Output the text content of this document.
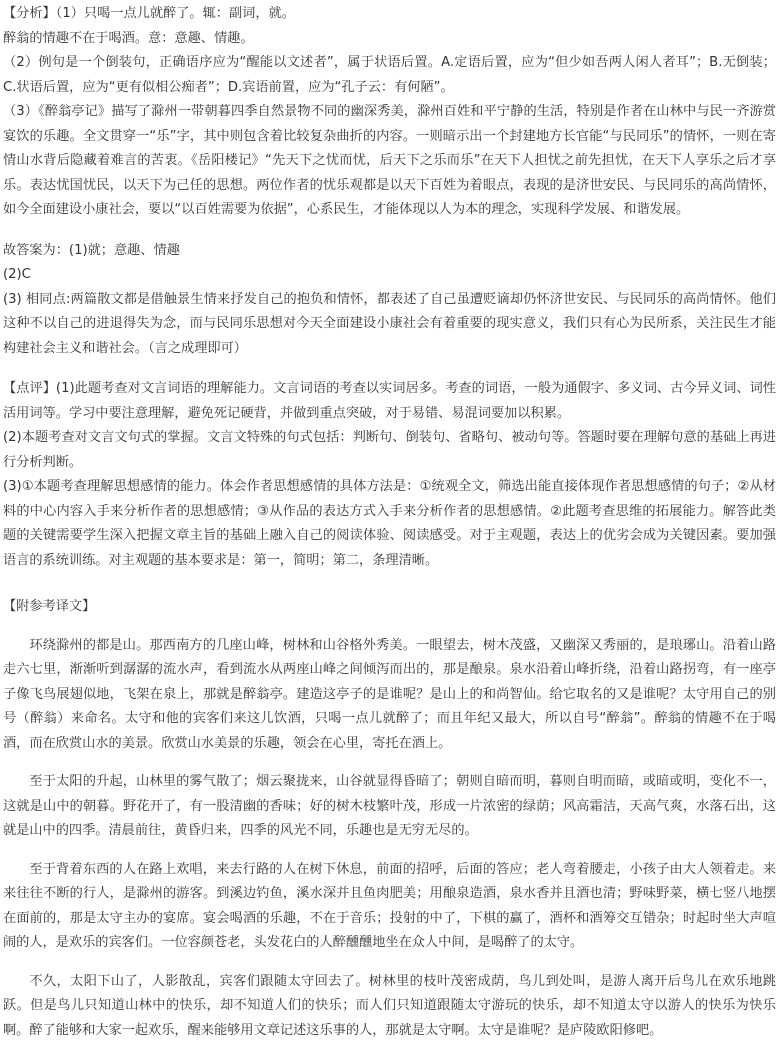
【分析】（1）只喝一点儿就醉了。辄：副词，就。

醉翁的情趣不在于喝酒。意：意趣、情趣。

（2）例句是一个倒装句，正确语序应为“醒能以文述者”，属于状语后置。A.定语后置，应为“但少如吾两人闲人者耳”；B.无倒装；C.状语后置，应为“更有似相公痴者”；D.宾语前置，应为“孔子云：有何陋”。

（3）《醉翁亭记》描写了滁州一带朝暮四季自然景物不同的幽深秀美，滁州百姓和平宁静的生活，特别是作者在山林中与民一齐游赏宴饮的乐趣。全文贯穿一“乐”字，其中则包含着比较复杂曲折的内容。一则暗示出一个封建地方长官能“与民同乐”的情怀，一则在寄情山水背后隐藏着难言的苦衷。《岳阳楼记》“先天下之忧而忧，后天下之乐而乐”在天下人担忧之前先担忧，在天下人享乐之后才享乐。表达忧国忧民，以天下为己任的思想。两位作者的忧乐观都是以天下百姓为着眼点，表现的是济世安民、与民同乐的高尚情怀，如今全面建设小康社会，要以“以百姓需要为依据”，心系民生，才能体现以人为本的理念，实现科学发展、和谐发展。

故答案为：(1)就；意趣、情趣

(2)C

(3) 相同点:两篇散文都是借触景生情来抒发自己的抱负和情怀，都表述了自己虽遭贬谪却仍怀济世安民、与民同乐的高尚情怀。他们这种不以自己的进退得失为念，而与民同乐思想对今天全面建设小康社会有着重要的现实意义，我们只有心为民所系，关注民生才能构建社会主义和谐社会。（言之成理即可）

【点评】(1)此题考查对文言词语的理解能力。文言词语的考查以实词居多。考查的词语，一般为通假字、多义词、古今异义词、词性活用词等。学习中要注意理解，避免死记硬背，并做到重点突破，对于易错、易混词要加以积累。

(2)本题考查对文言文句式的掌握。文言文特殊的句式包括：判断句、倒装句、省略句、被动句等。答题时要在理解句意的基础上再进行分析判断。

(3)①本题考查理解思想感情的能力。体会作者思想感情的具体方法是：①统观全文，筛选出能直接体现作者思想感情的句子；②从材料的中心内容入手来分析作者的思想感情；③从作品的表达方式入手来分析作者的思想感情。②此题考查思维的拓展能力。解答此类题的关键需要学生深入把握文章主旨的基础上融入自己的阅读体验、阅读感受。对于主观题，表达上的优劣会成为关键因素。要加强语言的系统训练。对主观题的基本要求是：第一，简明；第二，条理清晰。

【附参考译文】

环绕滁州的都是山。那西南方的几座山峰，树林和山谷格外秀美。一眼望去，树木茂盛，又幽深又秀丽的，是琅琊山。沿着山路走六七里，渐渐听到潺潺的流水声，看到流水从两座山峰之间倾泻而出的，那是酿泉。泉水沿着山峰折绕，沿着山路拐弯，有一座亭子像飞鸟展翅似地，飞架在泉上，那就是醉翁亭。建造这亭子的是谁呢？是山上的和尚智仙。给它取名的又是谁呢？太守用自己的别号（醉翁）来命名。太守和他的宾客们来这儿饮酒，只喝一点儿就醉了；而且年纪又最大，所以自号“醉翁”。醉翁的情趣不在于喝酒，而在欣赏山水的美景。欣赏山水美景的乐趣，领会在心里，寄托在酒上。

至于太阳的升起，山林里的雾气散了；烟云聚拢来，山谷就显得昏暗了；朝则自暗而明，暮则自明而暗，或暗或明，变化不一，这就是山中的朝暮。野花开了，有一股清幽的香味；好的树木枝繁叶茂，形成一片浓密的绿荫；风高霜洁，天高气爽，水落石出，这就是山中的四季。清晨前往，黄昏归来，四季的风光不同，乐趣也是无穷无尽的。

至于背着东西的人在路上欢唱，来去行路的人在树下休息，前面的招呼，后面的答应；老人弯着腰走，小孩子由大人领着走。来来往往不断的行人，是滁州的游客。到溪边钓鱼，溪水深并且鱼肉肥美；用酿泉造酒，泉水香并且酒也清；野味野菜，横七竖八地摆在面前的，那是太守主办的宴席。宴会喝酒的乐趣，不在于音乐；投射的中了，下棋的赢了，酒杯和酒筹交互错杂；时起时坐大声喧闹的人，是欢乐的宾客们。一位容颜苍老，头发花白的人醉醺醺地坐在众人中间，是喝醉了的太守。

不久，太阳下山了，人影散乱，宾客们跟随太守回去了。树林里的枝叶茂密成荫，鸟儿到处叫，是游人离开后鸟儿在欢乐地跳跃。但是鸟儿只知道山林中的快乐，却不知道人们的快乐；而人们只知道跟随太守游玩的快乐，却不知道太守以游人的快乐为快乐啊。醉了能够和大家一起欢乐，醒来能够用文章记述这乐事的人，那就是太守啊。太守是谁呢？是庐陵欧阳修吧。
